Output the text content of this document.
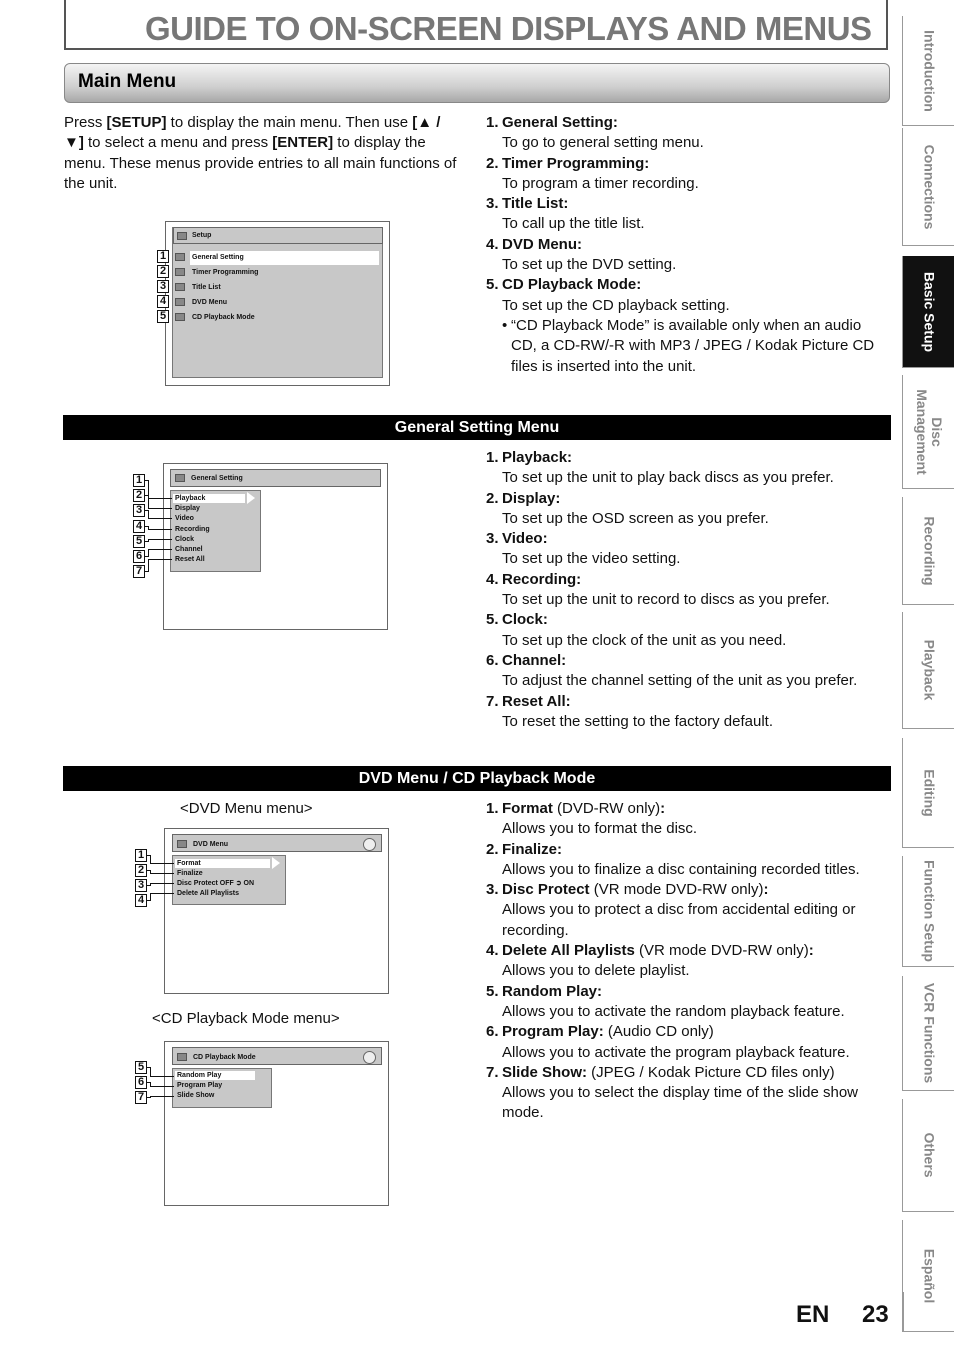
GUIDE TO ON-SCREEN DISPLAYS AND MENUS
Main Menu
Press [SETUP] to display the main menu. Then use [▲ / ▼] to select a menu and press [ENTER] to display the menu. These menus provide entries to all main functions of the unit.
Setup
General Setting
Timer Programming
Title List
DVD Menu
CD Playback Mode
1
2
3
4
5
1. General Setting:
To go to general setting menu.
2. Timer Programming:
To program a timer recording.
3. Title List:
To call up the title list.
4. DVD Menu:
To set up the DVD setting.
5. CD Playback Mode:
To set up the CD playback setting.
• “CD Playback Mode” is available only when an audio CD, a CD-RW/-R with MP3 / JPEG / Kodak Picture CD files is inserted into the unit.
General Setting Menu
General Setting
Playback
Display
Video
Recording
Clock
Channel
Reset All
1
2
3
4
5
6
7
1. Playback:
To set up the unit to play back discs as you prefer.
2. Display:
To set up the OSD screen as you prefer.
3. Video:
To set up the video setting.
4. Recording:
To set up the unit to record to discs as you prefer.
5. Clock:
To set up the clock of the unit as you need.
6. Channel:
To adjust the channel setting of the unit as you prefer.
7. Reset All:
To reset the setting to the factory default.
DVD Menu / CD Playback Mode
<DVD Menu menu>
DVD Menu
Format
Finalize
Disc Protect OFF ➲ ON
Delete All Playlists
1
2
3
4
<CD Playback Mode menu>
CD Playback Mode
Random Play
Program Play
Slide Show
5
6
7
1. Format (DVD-RW only):
Allows you to format the disc.
2. Finalize:
Allows you to finalize a disc containing recorded titles.
3. Disc Protect (VR mode DVD-RW only):
Allows you to protect a disc from accidental editing or recording.
4. Delete All Playlists (VR mode DVD-RW only):
Allows you to delete playlist.
5. Random Play:
Allows you to activate the random playback feature.
6. Program Play: (Audio CD only)
Allows you to activate the program playback feature.
7. Slide Show: (JPEG / Kodak Picture CD files only)
Allows you to select the display time of the slide show mode.
Introduction
Connections
Basic Setup
Disc Management
Recording
Playback
Editing
Function Setup
VCR Functions
Others
Español
EN 23
